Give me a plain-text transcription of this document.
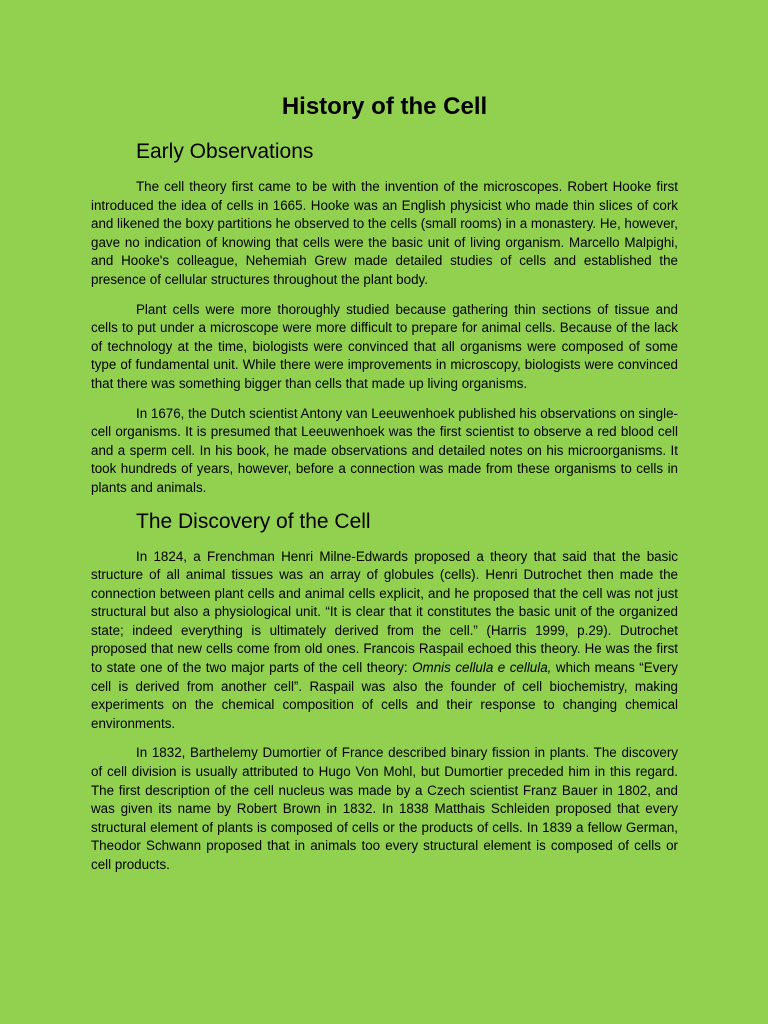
History of the Cell
Early Observations

The cell theory first came to be with the invention of the microscopes. Robert Hooke first introduced the idea of cells in 1665. Hooke was an English physicist who made thin slices of cork and likened the boxy partitions he observed to the cells (small rooms) in a monastery. He, however, gave no indication of knowing that cells were the basic unit of living organism. Marcello Malpighi, and Hooke's colleague, Nehemiah Grew made detailed studies of cells and established the presence of cellular structures throughout the plant body.

Plant cells were more thoroughly studied because gathering thin sections of tissue and cells to put under a microscope were more difficult to prepare for animal cells. Because of the lack of technology at the time, biologists were convinced that all organisms were composed of some type of fundamental unit. While there were improvements in microscopy, biologists were convinced that there was something bigger than cells that made up living organisms.

In 1676, the Dutch scientist Antony van Leeuwenhoek published his observations on single-cell organisms. It is presumed that Leeuwenhoek was the first scientist to observe a red blood cell and a sperm cell. In his book, he made observations and detailed notes on his microorganisms. It took hundreds of years, however, before a connection was made from these organisms to cells in plants and animals.

The Discovery of the Cell

In 1824, a Frenchman Henri Milne-Edwards proposed a theory that said that the basic structure of all animal tissues was an array of globules (cells). Henri Dutrochet then made the connection between plant cells and animal cells explicit, and he proposed that the cell was not just structural but also a physiological unit. “It is clear that it constitutes the basic unit of the organized state; indeed everything is ultimately derived from the cell.” (Harris 1999, p.29). Dutrochet proposed that new cells come from old ones. Francois Raspail echoed this theory. He was the first to state one of the two major parts of the cell theory: Omnis cellula e cellula, which means “Every cell is derived from another cell”. Raspail was also the founder of cell biochemistry, making experiments on the chemical composition of cells and their response to changing chemical environments.

In 1832, Barthelemy Dumortier of France described binary fission in plants. The discovery of cell division is usually attributed to Hugo Von Mohl, but Dumortier preceded him in this regard. The first description of the cell nucleus was made by a Czech scientist Franz Bauer in 1802, and was given its name by Robert Brown in 1832. In 1838 Matthais Schleiden proposed that every structural element of plants is composed of cells or the products of cells. In 1839 a fellow German, Theodor Schwann proposed that in animals too every structural element is composed of cells or cell products.
